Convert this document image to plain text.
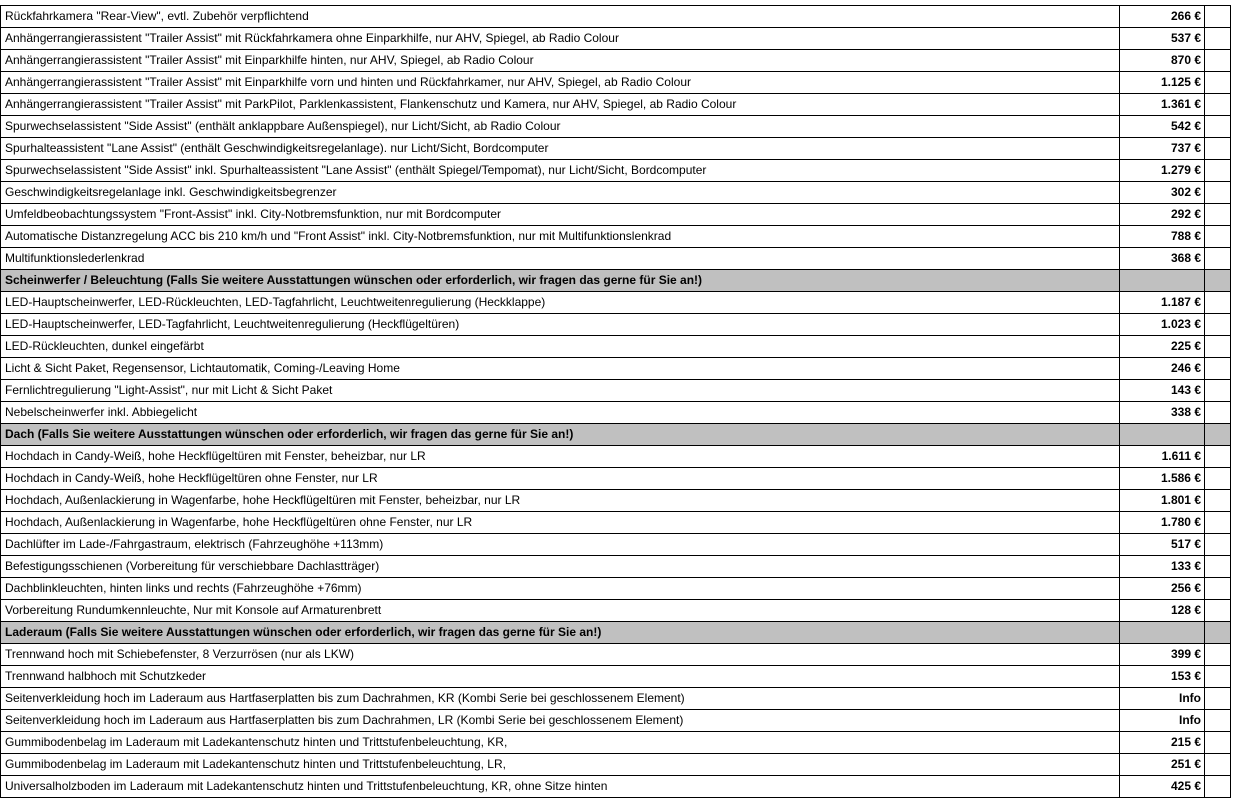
Rückfahrkamera "Rear-View", evtl. Zubehör verpflichtend	266 €	
Anhängerrangierassistent "Trailer Assist" mit Rückfahrkamera ohne Einparkhilfe, nur AHV, Spiegel, ab Radio Colour	537 €	
Anhängerrangierassistent "Trailer Assist" mit Einparkhilfe hinten, nur AHV, Spiegel, ab Radio Colour	870 €	
Anhängerrangierassistent "Trailer Assist" mit Einparkhilfe vorn und hinten und Rückfahrkamer, nur AHV, Spiegel, ab Radio Colour	1.125 €	
Anhängerrangierassistent "Trailer Assist" mit ParkPilot, Parklenkassistent, Flankenschutz und Kamera, nur AHV, Spiegel, ab Radio Colour	1.361 €	
Spurwechselassistent "Side Assist" (enthält anklappbare Außenspiegel), nur Licht/Sicht, ab Radio Colour	542 €	
Spurhalteassistent "Lane Assist" (enthält Geschwindigkeitsregelanlage). nur Licht/Sicht, Bordcomputer	737 €	
Spurwechselassistent "Side Assist" inkl. Spurhalteassistent "Lane Assist" (enthält Spiegel/Tempomat), nur Licht/Sicht, Bordcomputer	1.279 €	
Geschwindigkeitsregelanlage inkl. Geschwindigkeitsbegrenzer	302 €	
Umfeldbeobachtungssystem "Front-Assist" inkl. City-Notbremsfunktion, nur mit Bordcomputer	292 €	
Automatische Distanzregelung ACC bis 210 km/h und "Front Assist" inkl. City-Notbremsfunktion, nur mit Multifunktionslenkrad	788 €	
Multifunktionslederlenkrad	368 €	
Scheinwerfer / Beleuchtung (Falls Sie weitere Ausstattungen wünschen oder erforderlich, wir fragen das gerne für Sie an!)		
LED-Hauptscheinwerfer, LED-Rückleuchten, LED-Tagfahrlicht, Leuchtweitenregulierung (Heckklappe)	1.187 €	
LED-Hauptscheinwerfer, LED-Tagfahrlicht, Leuchtweitenregulierung (Heckflügeltüren)	1.023 €	
LED-Rückleuchten, dunkel eingefärbt	225 €	
Licht & Sicht Paket, Regensensor, Lichtautomatik, Coming-/Leaving Home	246 €	
Fernlichtregulierung "Light-Assist", nur mit Licht & Sicht Paket	143 €	
Nebelscheinwerfer inkl. Abbiegelicht	338 €	
Dach (Falls Sie weitere Ausstattungen wünschen oder erforderlich, wir fragen das gerne für Sie an!)		
Hochdach in Candy-Weiß, hohe Heckflügeltüren mit Fenster, beheizbar, nur LR	1.611 €	
Hochdach in Candy-Weiß, hohe Heckflügeltüren ohne Fenster, nur LR	1.586 €	
Hochdach, Außenlackierung in Wagenfarbe, hohe Heckflügeltüren mit Fenster, beheizbar, nur LR	1.801 €	
Hochdach, Außenlackierung in Wagenfarbe, hohe Heckflügeltüren ohne Fenster, nur LR	1.780 €	
Dachlüfter im Lade-/Fahrgastraum, elektrisch (Fahrzeughöhe +113mm)	517 €	
Befestigungsschienen (Vorbereitung für verschiebbare Dachlastträger)	133 €	
Dachblinkleuchten, hinten links und rechts (Fahrzeughöhe +76mm)	256 €	
Vorbereitung Rundumkennleuchte, Nur mit Konsole auf Armaturenbrett	128 €	
Laderaum (Falls Sie weitere Ausstattungen wünschen oder erforderlich, wir fragen das gerne für Sie an!)		
Trennwand hoch mit Schiebefenster, 8 Verzurrösen (nur als LKW)	399 €	
Trennwand halbhoch mit Schutzkeder	153 €	
Seitenverkleidung hoch im Laderaum aus Hartfaserplatten bis zum Dachrahmen, KR (Kombi Serie bei geschlossenem Element)	Info	
Seitenverkleidung hoch im Laderaum aus Hartfaserplatten bis zum Dachrahmen, LR (Kombi Serie bei geschlossenem Element)	Info	
Gummibodenbelag im Laderaum mit Ladekantenschutz hinten und Trittstufenbeleuchtung, KR,	215 €	
Gummibodenbelag im Laderaum mit Ladekantenschutz hinten und Trittstufenbeleuchtung, LR,	251 €	
Universalholzboden im Laderaum mit Ladekantenschutz hinten und Trittstufenbeleuchtung, KR, ohne Sitze hinten	425 €	
